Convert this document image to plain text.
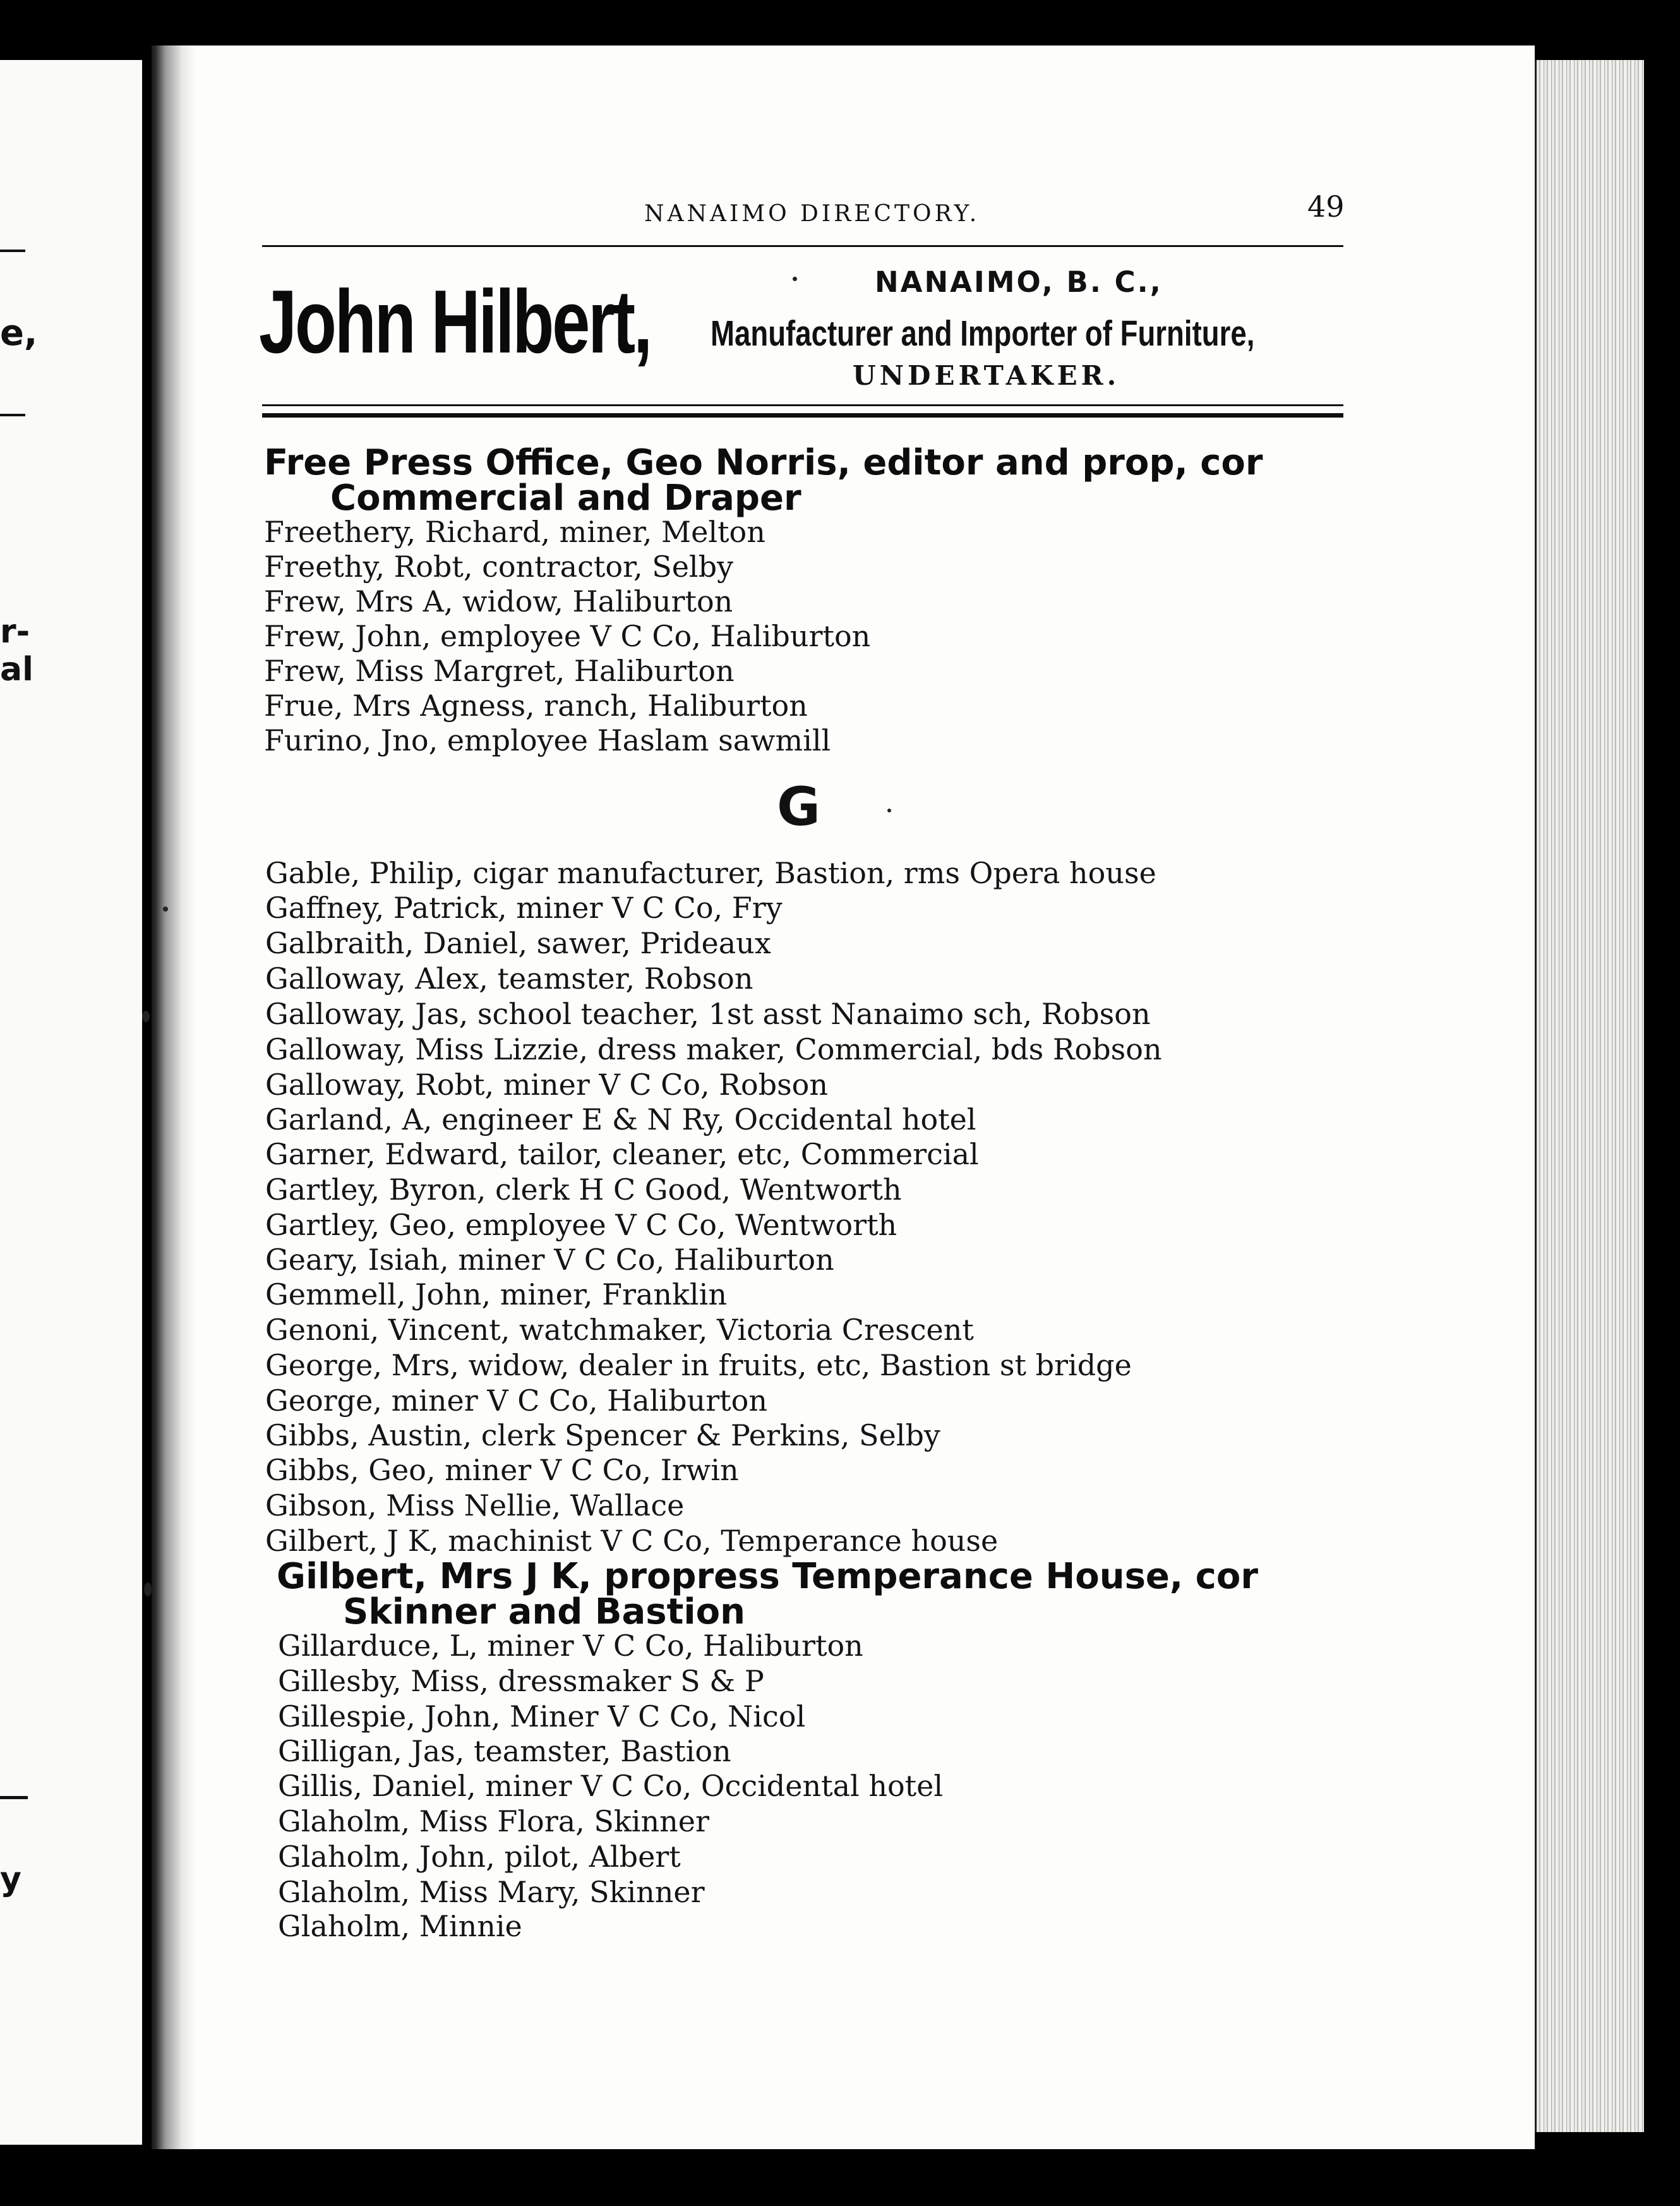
e,
r-
al
y
NANAIMO DIRECTORY.	49
John Hilbert,	NANAIMO, B. C.,
Manufacturer and Importer of Furniture,
UNDERTAKER.
Free Press Office, Geo Norris, editor and prop, cor
Commercial and Draper
Freethery, Richard, miner, Melton
Freethy, Robt, contractor, Selby
Frew, Mrs A, widow, Haliburton
Frew, John, employee V C Co, Haliburton
Frew, Miss Margret, Haliburton
Frue, Mrs Agness, ranch, Haliburton
Furino, Jno, employee Haslam sawmill
G
Gable, Philip, cigar manufacturer, Bastion, rms Opera house
Gaffney, Patrick, miner V C Co, Fry
Galbraith, Daniel, sawer, Prideaux
Galloway, Alex, teamster, Robson
Galloway, Jas, school teacher, 1st asst Nanaimo sch, Robson
Galloway, Miss Lizzie, dress maker, Commercial, bds Robson
Galloway, Robt, miner V C Co, Robson
Garland, A, engineer E & N Ry, Occidental hotel
Garner, Edward, tailor, cleaner, etc, Commercial
Gartley, Byron, clerk H C Good, Wentworth
Gartley, Geo, employee V C Co, Wentworth
Geary, Isiah, miner V C Co, Haliburton
Gemmell, John, miner, Franklin
Genoni, Vincent, watchmaker, Victoria Crescent
George, Mrs, widow, dealer in fruits, etc, Bastion st bridge
George, miner V C Co, Haliburton
Gibbs, Austin, clerk Spencer & Perkins, Selby
Gibbs, Geo, miner V C Co, Irwin
Gibson, Miss Nellie, Wallace
Gilbert, J K, machinist V C Co, Temperance house
Gilbert, Mrs J K, propress Temperance House, cor
Skinner and Bastion
Gillarduce, L, miner V C Co, Haliburton
Gillesby, Miss, dressmaker S & P
Gillespie, John, Miner V C Co, Nicol
Gilligan, Jas, teamster, Bastion
Gillis, Daniel, miner V C Co, Occidental hotel
Glaholm, Miss Flora, Skinner
Glaholm, John, pilot, Albert
Glaholm, Miss Mary, Skinner
Glaholm, Minnie
